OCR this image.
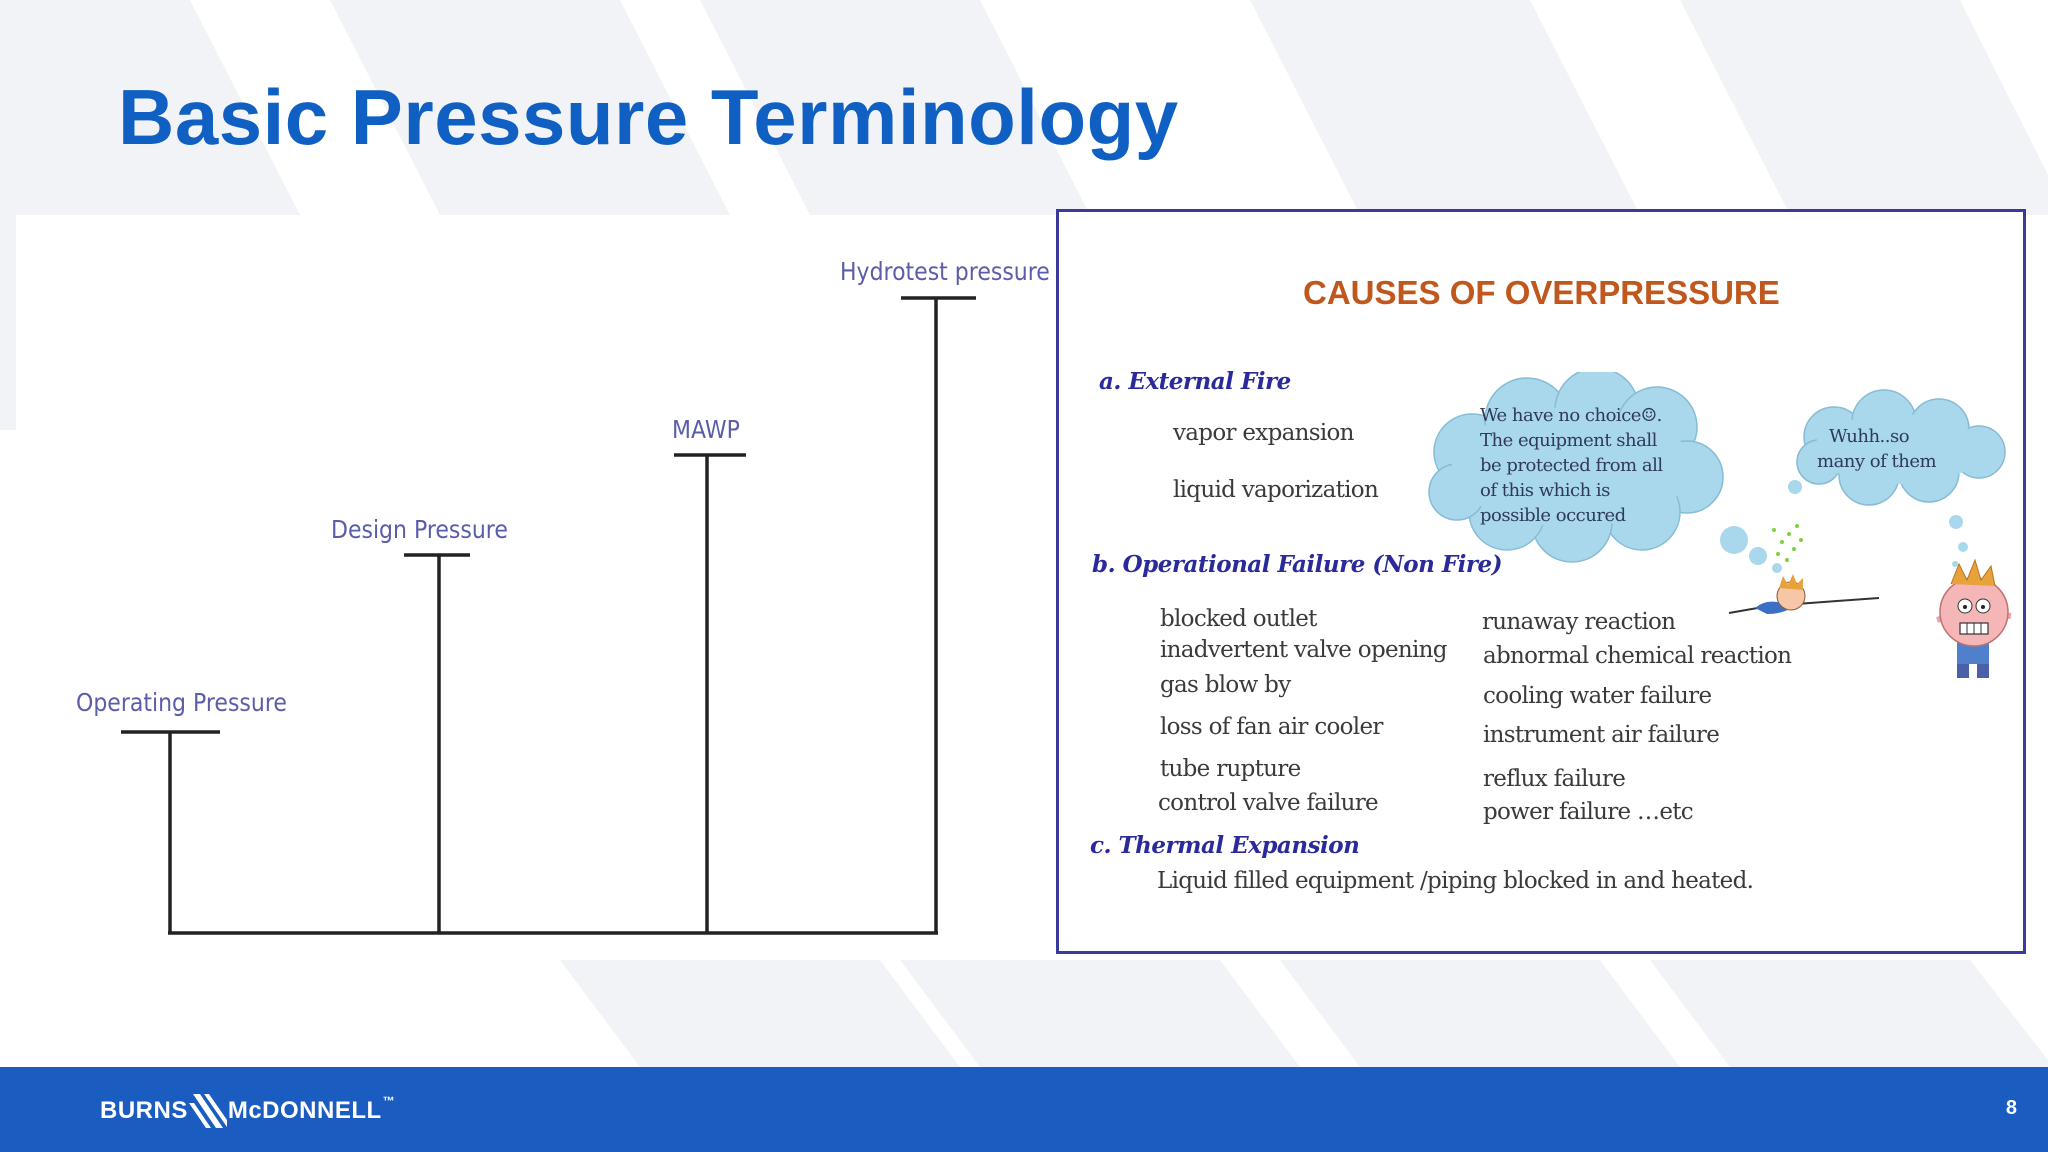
Basic Pressure Terminology
Operating Pressure
Design Pressure
MAWP
Hydrotest pressure
CAUSES OF OVERPRESSURE
a. External Fire
vapor expansion
liquid vaporization
b. Operational Failure (Non Fire)
blocked outlet
inadvertent valve opening
gas blow by
loss of fan air cooler
tube rupture
control valve failure
runaway reaction
abnormal chemical reaction
cooling water failure
instrument air failure
reflux failure
power failure …etc
c. Thermal Expansion
Liquid filled equipment /piping blocked in and heated.
We have no choice☺.
The equipment shall
be protected from all
of this which is
possible occured
Wuhh..so
many of them
BURNS McDONNELL ™	8
